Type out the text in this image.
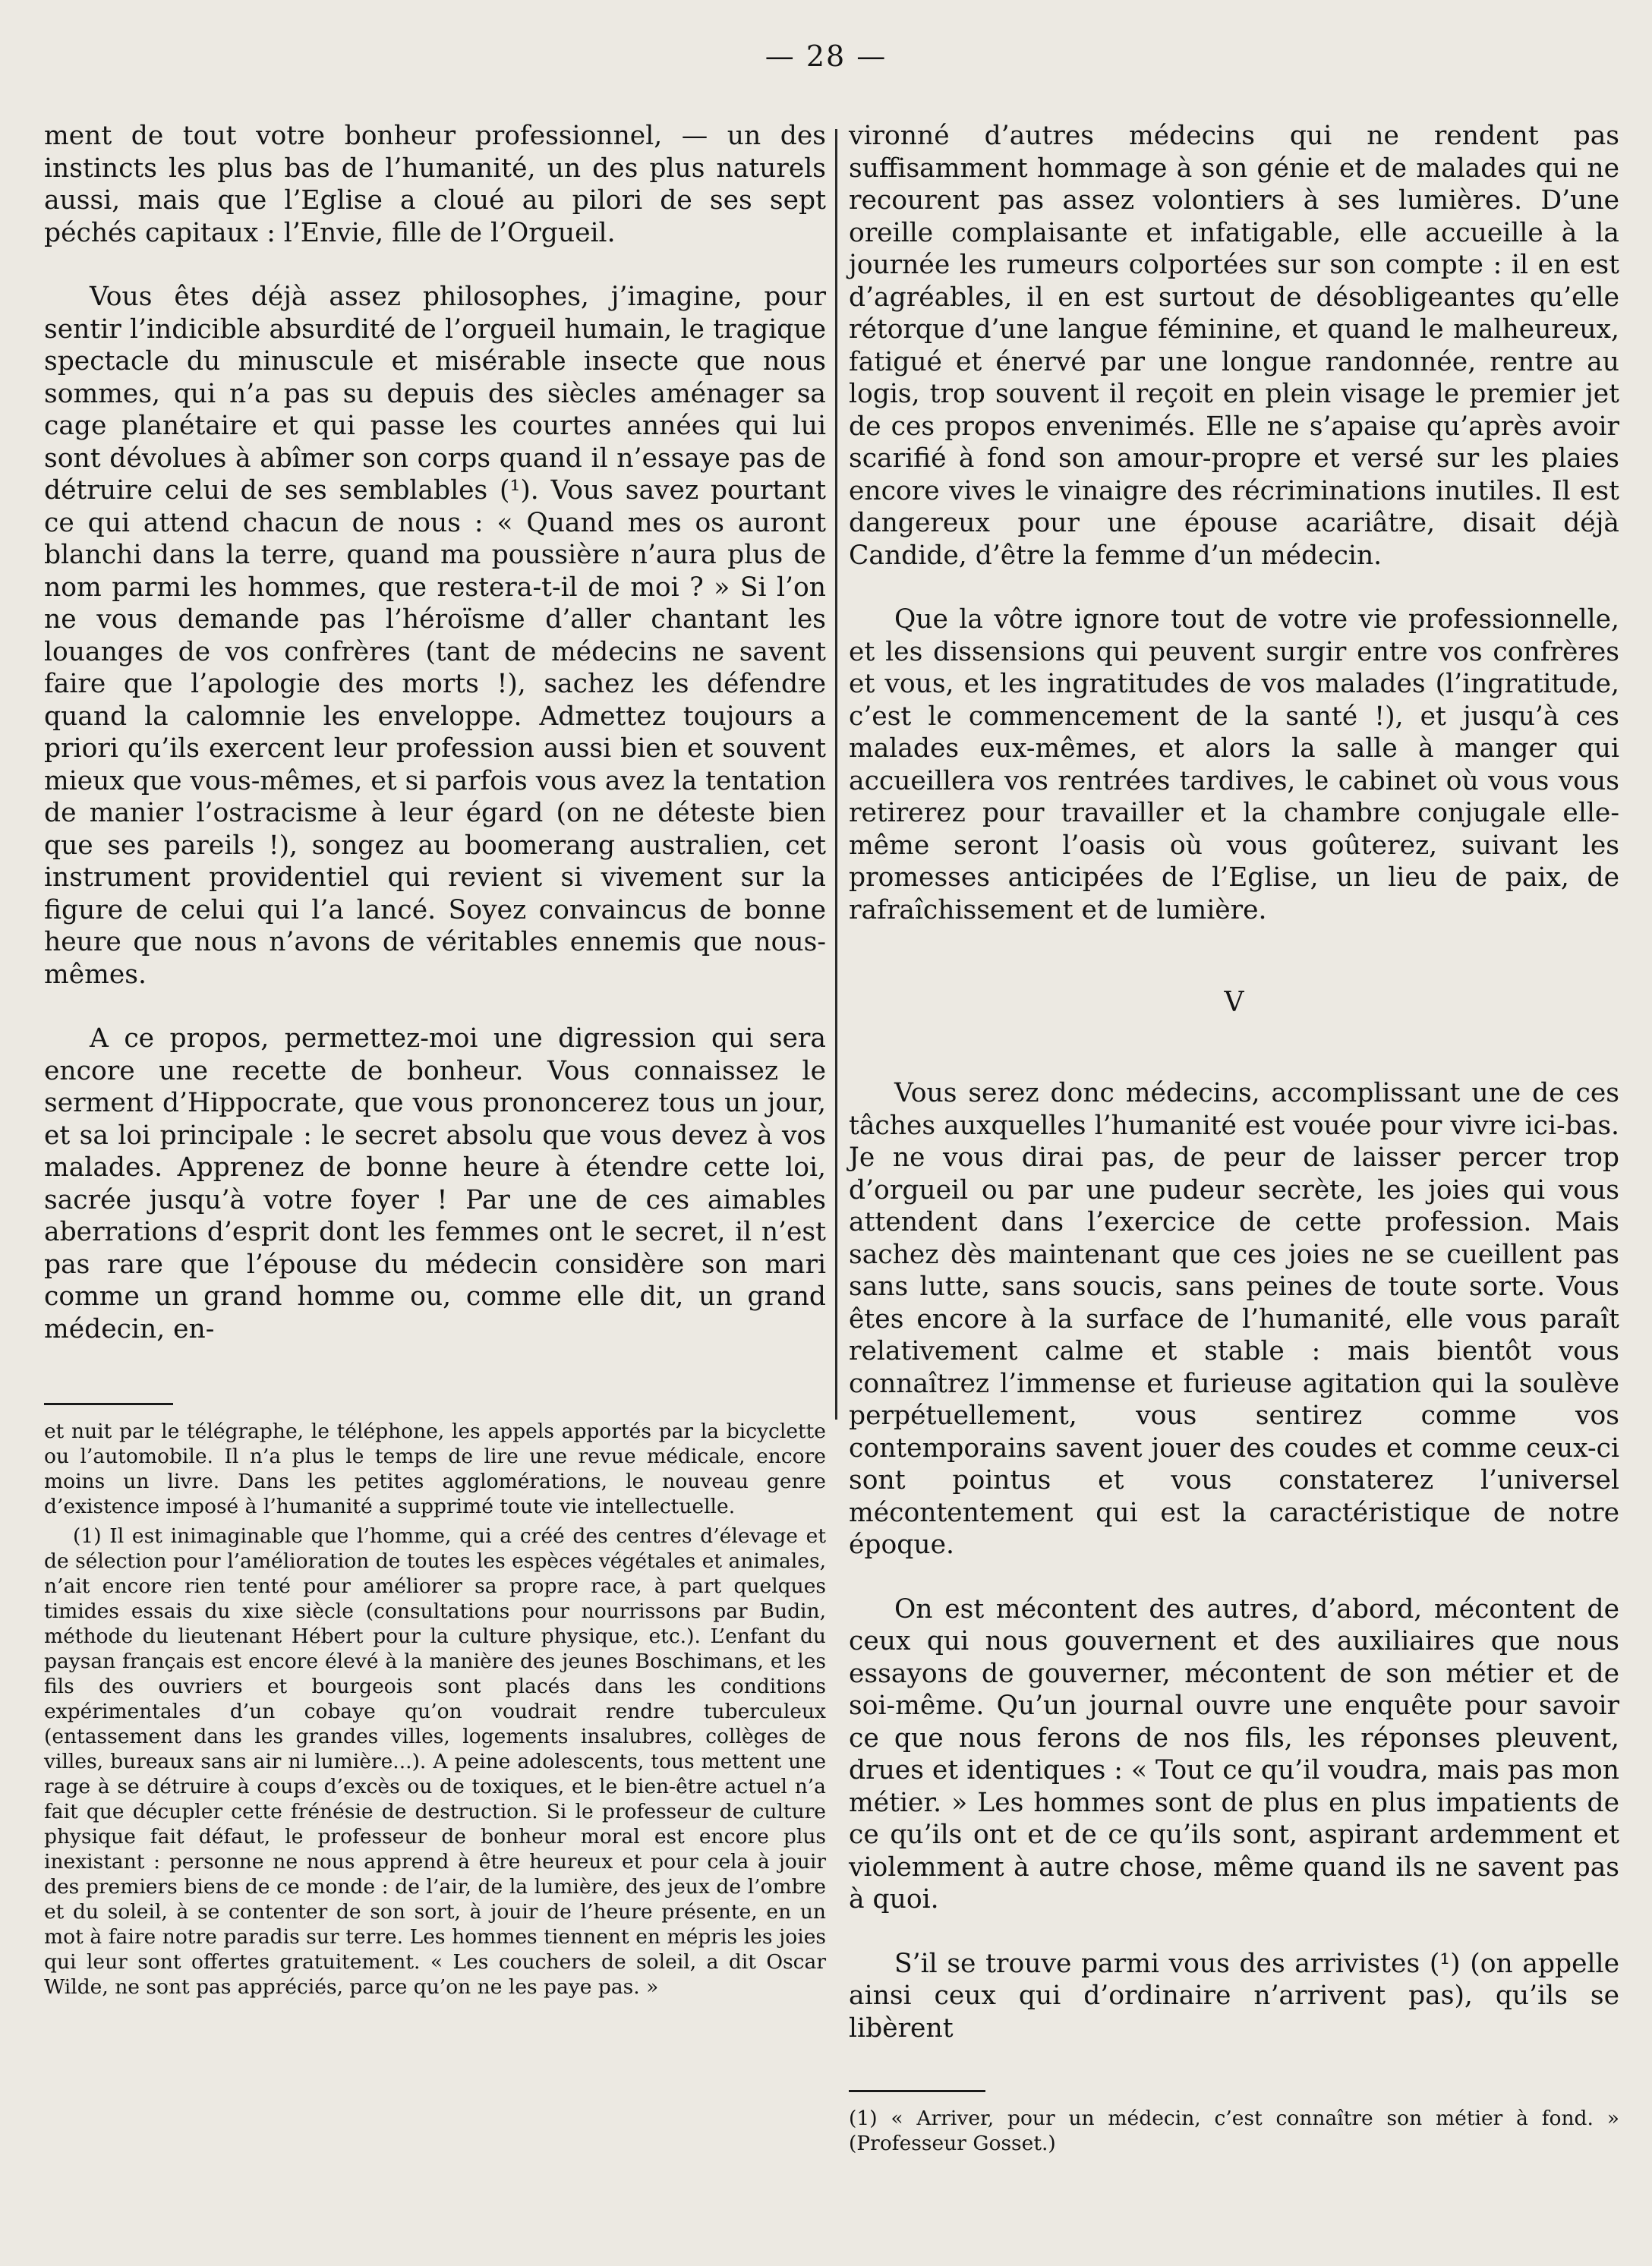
— 28 —

ment de tout votre bonheur professionnel, — un des instincts les plus bas de l’humanité, un des plus naturels aussi, mais que l’Eglise a cloué au pilori de ses sept péchés capitaux : l’Envie, fille de l’Orgueil.

Vous êtes déjà assez philosophes, j’imagine, pour sentir l’indicible absurdité de l’orgueil humain, le tragique spectacle du minuscule et misérable insecte que nous sommes, qui n’a pas su depuis des siècles aménager sa cage planétaire et qui passe les courtes années qui lui sont dévolues à abîmer son corps quand il n’essaye pas de détruire celui de ses semblables (¹). Vous savez pourtant ce qui attend chacun de nous : « Quand mes os auront blanchi dans la terre, quand ma poussière n’aura plus de nom parmi les hommes, que restera-t-il de moi ? » Si l’on ne vous demande pas l’héroïsme d’aller chantant les louanges de vos confrères (tant de médecins ne savent faire que l’apologie des morts !), sachez les défendre quand la calomnie les enveloppe. Admettez toujours a priori qu’ils exercent leur profession aussi bien et souvent mieux que vous-mêmes, et si parfois vous avez la tentation de manier l’ostracisme à leur égard (on ne déteste bien que ses pareils !), songez au boomerang australien, cet instrument providentiel qui revient si vivement sur la figure de celui qui l’a lancé. Soyez convaincus de bonne heure que nous n’avons de véritables ennemis que nous-mêmes.

A ce propos, permettez-moi une digression qui sera encore une recette de bonheur. Vous connaissez le serment d’Hippocrate, que vous prononcerez tous un jour, et sa loi principale : le secret absolu que vous devez à vos malades. Apprenez de bonne heure à étendre cette loi, sacrée jusqu’à votre foyer ! Par une de ces aimables aberrations d’esprit dont les femmes ont le secret, il n’est pas rare que l’épouse du médecin considère son mari comme un grand homme ou, comme elle dit, un grand médecin, en-

et nuit par le télégraphe, le téléphone, les appels apportés par la bicyclette ou l’automobile. Il n’a plus le temps de lire une revue médicale, encore moins un livre. Dans les petites agglomérations, le nouveau genre d’existence imposé à l’humanité a supprimé toute vie intellectuelle.

(1) Il est inimaginable que l’homme, qui a créé des centres d’élevage et de sélection pour l’amélioration de toutes les espèces végétales et animales, n’ait encore rien tenté pour améliorer sa propre race, à part quelques timides essais du xixe siècle (consultations pour nourrissons par Budin, méthode du lieutenant Hébert pour la culture physique, etc.). L’enfant du paysan français est encore élevé à la manière des jeunes Boschimans, et les fils des ouvriers et bourgeois sont placés dans les conditions expérimentales d’un cobaye qu’on voudrait rendre tuberculeux (entassement dans les grandes villes, logements insalubres, collèges de villes, bureaux sans air ni lumière...). A peine adolescents, tous mettent une rage à se détruire à coups d’excès ou de toxiques, et le bien-être actuel n’a fait que décupler cette frénésie de destruction. Si le professeur de culture physique fait défaut, le professeur de bonheur moral est encore plus inexistant : personne ne nous apprend à être heureux et pour cela à jouir des premiers biens de ce monde : de l’air, de la lumière, des jeux de l’ombre et du soleil, à se contenter de son sort, à jouir de l’heure présente, en un mot à faire notre paradis sur terre. Les hommes tiennent en mépris les joies qui leur sont offertes gratuitement. « Les couchers de soleil, a dit Oscar Wilde, ne sont pas appréciés, parce qu’on ne les paye pas. »

vironné d’autres médecins qui ne rendent pas suffisamment hommage à son génie et de malades qui ne recourent pas assez volontiers à ses lumières. D’une oreille complaisante et infatigable, elle accueille à la journée les rumeurs colportées sur son compte : il en est d’agréables, il en est surtout de désobligeantes qu’elle rétorque d’une langue féminine, et quand le malheureux, fatigué et énervé par une longue randonnée, rentre au logis, trop souvent il reçoit en plein visage le premier jet de ces propos envenimés. Elle ne s’apaise qu’après avoir scarifié à fond son amour-propre et versé sur les plaies encore vives le vinaigre des récriminations inutiles. Il est dangereux pour une épouse acariâtre, disait déjà Candide, d’être la femme d’un médecin.

Que la vôtre ignore tout de votre vie professionnelle, et les dissensions qui peuvent surgir entre vos confrères et vous, et les ingratitudes de vos malades (l’ingratitude, c’est le commencement de la santé !), et jusqu’à ces malades eux-mêmes, et alors la salle à manger qui accueillera vos rentrées tardives, le cabinet où vous vous retirerez pour travailler et la chambre conjugale elle-même seront l’oasis où vous goûterez, suivant les promesses anticipées de l’Eglise, un lieu de paix, de rafraîchissement et de lumière.

V

Vous serez donc médecins, accomplissant une de ces tâches auxquelles l’humanité est vouée pour vivre ici-bas. Je ne vous dirai pas, de peur de laisser percer trop d’orgueil ou par une pudeur secrète, les joies qui vous attendent dans l’exercice de cette profession. Mais sachez dès maintenant que ces joies ne se cueillent pas sans lutte, sans soucis, sans peines de toute sorte. Vous êtes encore à la surface de l’humanité, elle vous paraît relativement calme et stable : mais bientôt vous connaîtrez l’immense et furieuse agitation qui la soulève perpétuellement, vous sentirez comme vos contemporains savent jouer des coudes et comme ceux-ci sont pointus et vous constaterez l’universel mécontentement qui est la caractéristique de notre époque.

On est mécontent des autres, d’abord, mécontent de ceux qui nous gouvernent et des auxiliaires que nous essayons de gouverner, mécontent de son métier et de soi-même. Qu’un journal ouvre une enquête pour savoir ce que nous ferons de nos fils, les réponses pleuvent, drues et identiques : « Tout ce qu’il voudra, mais pas mon métier. » Les hommes sont de plus en plus impatients de ce qu’ils ont et de ce qu’ils sont, aspirant ardemment et violemment à autre chose, même quand ils ne savent pas à quoi.

S’il se trouve parmi vous des arrivistes (¹) (on appelle ainsi ceux qui d’ordinaire n’arrivent pas), qu’ils se libèrent

(1) « Arriver, pour un médecin, c’est connaître son métier à fond. » (Professeur Gosset.)
